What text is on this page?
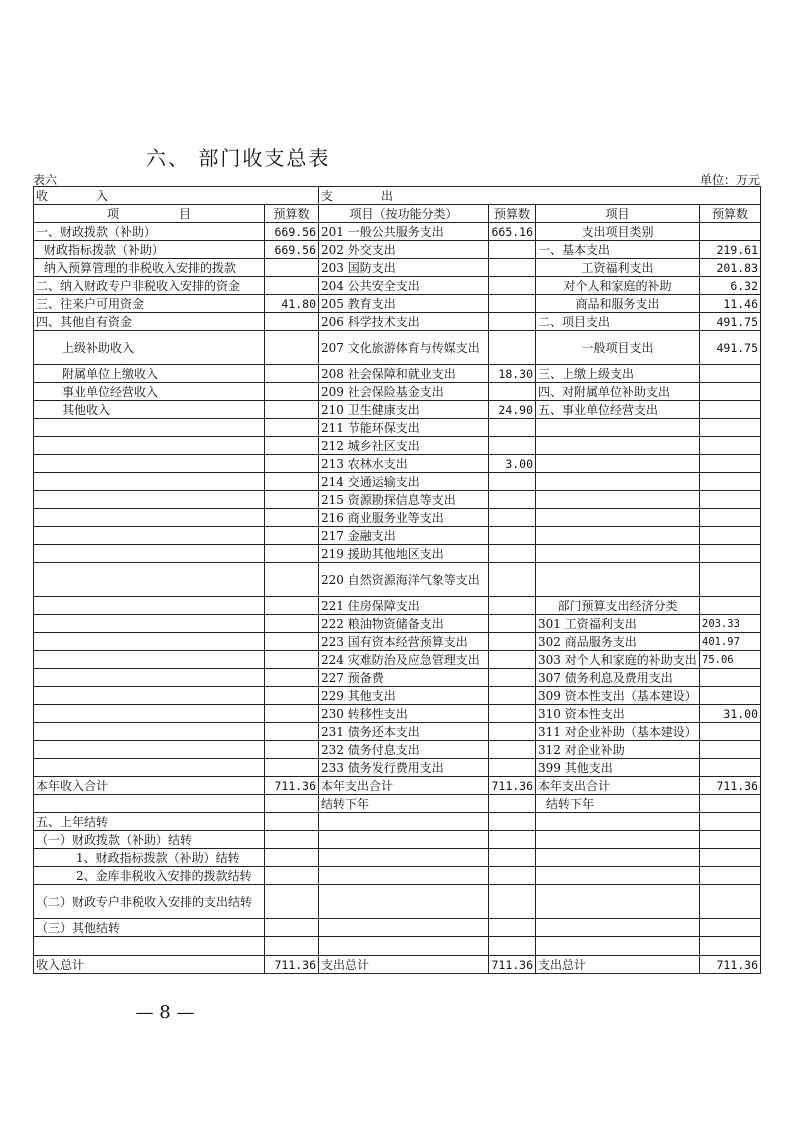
六、 部门收支总表
表六	单位：万元
收　　　　入		支　　　　出			
项　　　　　目	预算数	项目（按功能分类）	预算数	项目	预算数
一、财政拨款（补助）	669.56	201 一般公共服务支出	665.16	支出项目类别	
财政指标拨款（补助）	669.56	202 外交支出		一、基本支出	219.61
纳入预算管理的非税收入安排的拨款		203 国防支出		工资福利支出	201.83
二、纳入财政专户非税收入安排的资金		204 公共安全支出		对个人和家庭的补助	6.32
三、往来户可用资金	41.80	205 教育支出		商品和服务支出	11.46
四、其他自有资金		206 科学技术支出		二、项目支出	491.75
上级补助收入		207 文化旅游体育与传媒支出		一般项目支出	491.75
附属单位上缴收入		208 社会保障和就业支出	18.30	三、上缴上级支出	
事业单位经营收入		209 社会保险基金支出		四、对附属单位补助支出	
其他收入		210 卫生健康支出	24.90	五、事业单位经营支出	
		211 节能环保支出			
		212 城乡社区支出			
		213 农林水支出	3.00		
		214 交通运输支出			
		215 资源勘探信息等支出			
		216 商业服务业等支出			
		217 金融支出			
		219 援助其他地区支出			
		220 自然资源海洋气象等支出			
		221 住房保障支出		部门预算支出经济分类	
		222 粮油物资储备支出		301 工资福利支出	203.33
		223 国有资本经营预算支出		302 商品服务支出	401.97
		224 灾难防治及应急管理支出		303 对个人和家庭的补助支出	75.06
		227 预备费		307 债务利息及费用支出	
		229 其他支出		309 资本性支出（基本建设）	
		230 转移性支出		310 资本性支出	31.00
		231 债务还本支出		311 对企业补助（基本建设）	
		232 债务付息支出		312 对企业补助	
		233 债务发行费用支出		399 其他支出	
本年收入合计	711.36	本年支出合计	711.36	本年支出合计	711.36
		结转下年		结转下年	
五、上年结转					
（一）财政拨款（补助）结转					
1、财政指标拨款（补助）结转					
2、金库非税收入安排的拨款结转					
（二）财政专户非税收入安排的支出结转					
（三）其他结转					

收入总计	711.36	支出总计	711.36	支出总计	711.36
— 8 —
